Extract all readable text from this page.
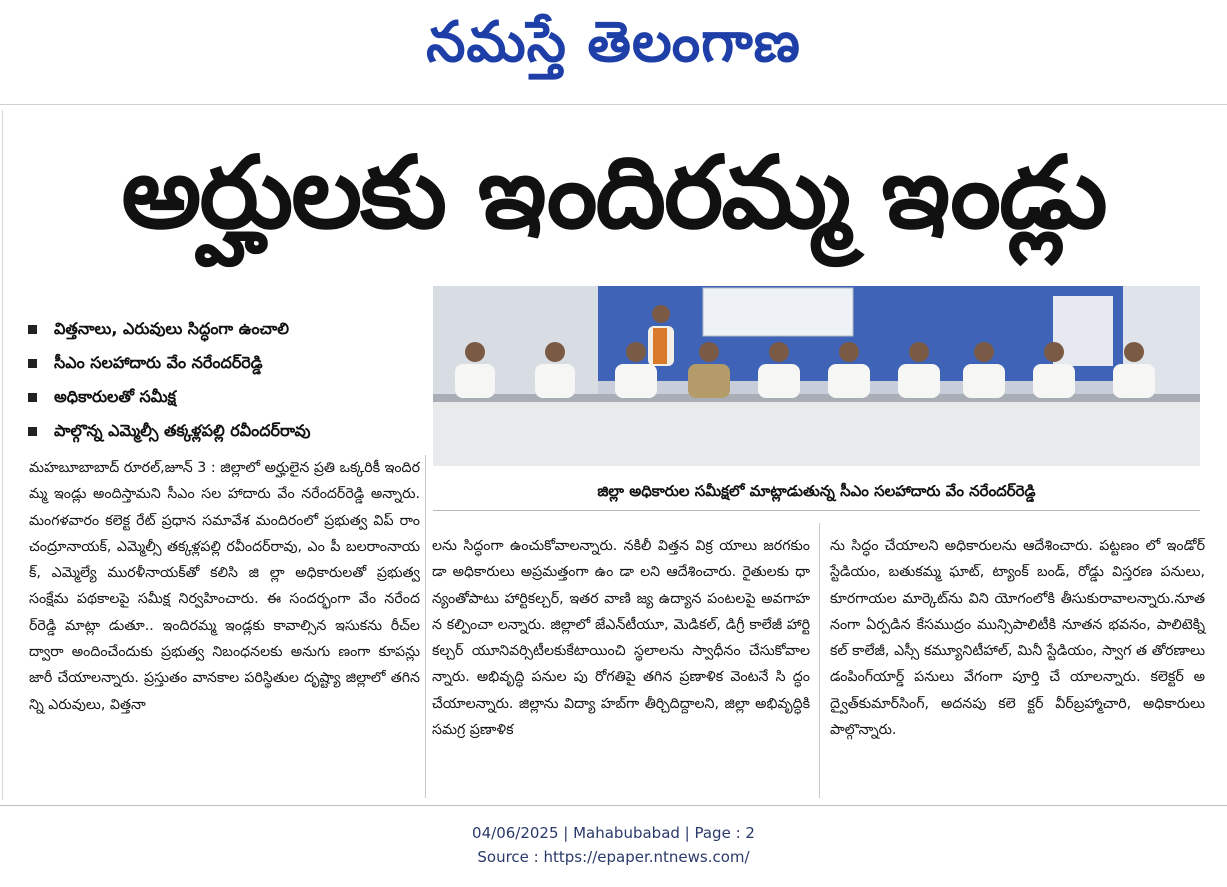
నమస్తే తెలంగాణ
అర్హులకు ఇందిరమ్మ ఇండ్లు
విత్తనాలు, ఎరువులు సిద్ధంగా ఉంచాలి
సీఎం సలహాదారు వేం నరేందర్‌రెడ్డి
అధికారులతో సమీక్ష
పాల్గొన్న ఎమ్మెల్సీ తక్కళ్లపల్లి రవీందర్‌రావు
జిల్లా అధికారుల సమీక్షలో మాట్లాడుతున్న సీఎం సలహాదారు వేం నరేందర్‌రెడ్డి
మహబూబాబాద్ రూరల్,జూన్ 3 : జిల్లాలో అర్హులైన ప్రతి ఒక్కరికీ ఇందిరమ్మ ఇండ్లు అందిస్తామని సీఎం సల హాదారు వేం నరేందర్‌రెడ్డి అన్నారు. మంగళవారం కలెక్ట రేట్ ప్రధాన సమావేశ మందిరంలో ప్రభుత్వ విప్ రాం చంద్రూనాయక్, ఎమ్మెల్సీ తక్కళ్లపల్లి రవీందర్‌రావు, ఎం పీ బలరాంనాయక్, ఎమ్మెల్యే మురళీనాయక్‌తో కలిసి జి ల్లా అధికారులతో ప్రభుత్వ సంక్షేమ పథకాలపై సమీక్ష నిర్వహించారు. ఈ సందర్భంగా వేం నరేందర్‌రెడ్డి మాట్లా డుతూ.. ఇందిరమ్మ ఇండ్లకు కావాల్సిన ఇసుకను రీచ్‌ల ద్వారా అందించేందుకు ప్రభుత్వ నిబంధనలకు అనుగు ణంగా కూపన్లు జారీ చేయాలన్నారు. ప్రస్తుతం వానకాల పరిస్థితుల దృష్ట్యా జిల్లాలో తగినన్ని ఎరువులు, విత్తనా
లను సిద్ధంగా ఉంచుకోవాలన్నారు. నకిలీ విత్తన విక్ర యాలు జరగకుం డా అధికారులు అప్రమత్తంగా ఉం డా లని ఆదేశించారు. రైతులకు ధా న్యంతోపాటు హార్టికల్చర్, ఇతర వాణి జ్య ఉద్యాన పంటలపై అవగాహన కల్పించా లన్నారు. జిల్లాలో జేఎన్‌టీయూ, మెడికల్, డిగ్రీ కాలేజీ హార్టి కల్చర్ యూనివర్సిటీలకుకేటాయించి స్థలాలను స్వాధీనం చేసుకోవాలన్నారు. అభివృద్ధి పనుల పు రోగతిపై తగిన ప్రణాళిక వెంటనే సి ద్ధం చేయాలన్నారు. జిల్లాను విద్యా హబ్‌గా తీర్చిదిద్దాలని, జిల్లా అభివృద్ధికి సమగ్ర ప్రణాళిక
ను సిద్ధం చేయాలని అధికారులను ఆదేశించారు. పట్టణం లో ఇండోర్ స్టేడియం, బతుకమ్మ ఘాట్, ట్యాంక్ బండ్, రోడ్డు విస్తరణ పనులు, కూరగాయల మార్కెట్‌ను విని యోగంలోకి తీసుకురావాలన్నారు.నూతనంగా ఏర్పడిన కేసముద్రం మున్సిపాలిటీకి నూతన భవనం, పాలిటెక్ని కల్ కాలేజీ, ఎస్సీ కమ్యూనిటీహాల్, మినీ స్టేడియం, స్వాగ త తోరణాలు డంపింగ్‌యార్డ్ పనులు వేగంగా పూర్తి చే యాలన్నారు. కలెక్టర్ అద్వైత్‌కుమార్‌సింగ్, అదనపు కలె క్టర్ వీర్‌బ్రహ్మాచారి, అధికారులు పాల్గొన్నారు.
04/06/2025 | Mahabubabad | Page : 2
Source : https://epaper.ntnews.com/
